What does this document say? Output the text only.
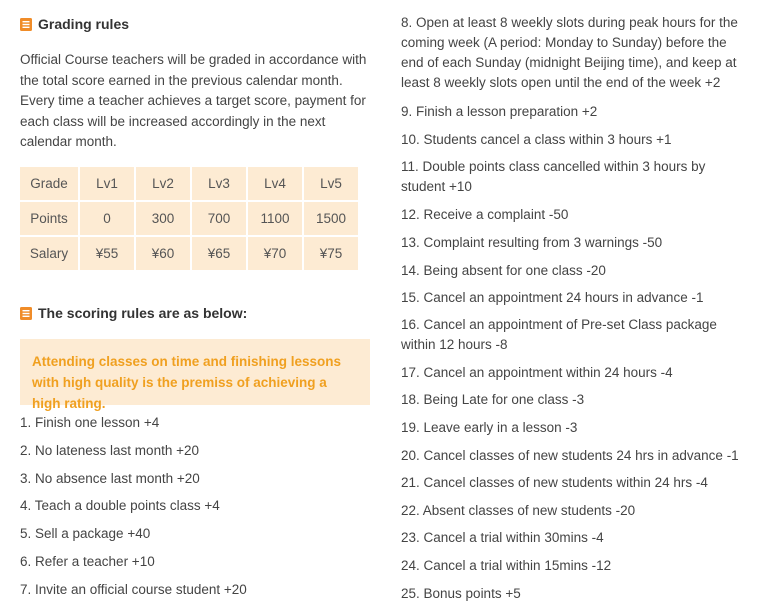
Grading rules

Official Course teachers will be graded in accordance with the total score earned in the previous calendar month. Every time a teacher achieves a target score, payment for each class will be increased accordingly in the next calendar month.

Grade	Lv1	Lv2	Lv3	Lv4	Lv5
Points	0	300	700	1100	1500
Salary	¥55	¥60	¥65	¥70	¥75
The scoring rules are as below:
Attending classes on time and finishing lessons with high quality is the premiss of achieving a high rating.
1. Finish one lesson +4
2. No lateness last month +20
3. No absence last month +20
4. Teach a double points class +4
5. Sell a package +40
6. Refer a teacher +10
7. Invite an official course student +20
8. Open at least 8 weekly slots during peak hours for the coming week (A period: Monday to Sunday) before the end of each Sunday (midnight Beijing time), and keep at least 8 weekly slots open until the end of the week +2
9. Finish a lesson preparation +2
10. Students cancel a class within 3 hours +1
11. Double points class cancelled within 3 hours by student +10
12. Receive a complaint -50
13. Complaint resulting from 3 warnings -50
14. Being absent for one class -20
15. Cancel an appointment 24 hours in advance -1
16. Cancel an appointment of Pre-set Class package within 12 hours -8
17. Cancel an appointment within 24 hours -4
18. Being Late for one class -3
19. Leave early in a lesson -3
20. Cancel classes of new students 24 hrs in advance -1
21. Cancel classes of new students within 24 hrs -4
22. Absent classes of new students -20
23. Cancel a trial within 30mins -4
24. Cancel a trial within 15mins -12
25. Bonus points +5
